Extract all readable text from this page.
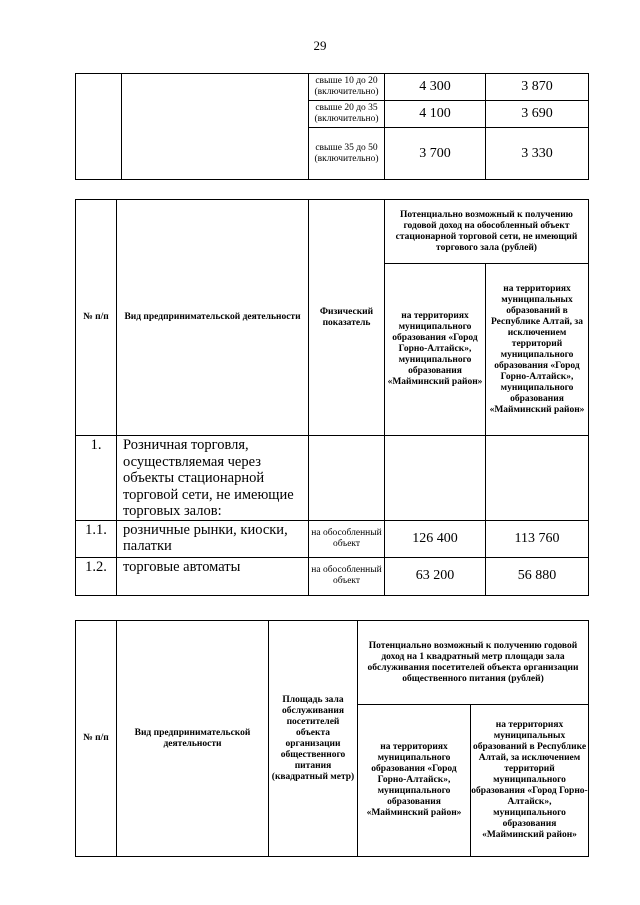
29
		свыше 10 до 20 (включительно)	4 300	3 870
		свыше 20 до 35 (включительно)	4 100	3 690
		свыше 35 до 50 (включительно)	3 700	3 330
№ п/п	Вид предпринимательской деятельности	Физический показатель	Потенциально возможный к получению годовой доход на обособленный объект стационарной торговой сети, не имеющий торгового зала (рублей)	
			на территориях муниципального образования «Город Горно-Алтайск», муниципального образования «Майминский район»	на территориях муниципальных образований в Республике Алтай, за исключением территорий муниципального образования «Город Горно-Алтайск», муниципального образования «Майминский район»
1.	Розничная торговля, осуществляемая через объекты стационарной торговой сети, не имеющие торговых залов:			
1.1.	розничные рынки, киоски, палатки	на обособленный объект	126 400	113 760
1.2.	торговые автоматы	на обособленный объект	63 200	56 880
№ п/п	Вид предпринимательской деятельности	Площадь зала обслуживания посетителей объекта организации общественного питания (квадратный метр)	Потенциально возможный к получению годовой доход на 1 квадратный метр площади зала обслуживания посетителей объекта организации общественного питания (рублей)	
			на территориях муниципального образования «Город Горно-Алтайск», муниципального образования «Майминский район»	на территориях муниципальных образований в Республике Алтай, за исключением территорий муниципального образования «Город Горно-Алтайск», муниципального образования «Майминский район»
